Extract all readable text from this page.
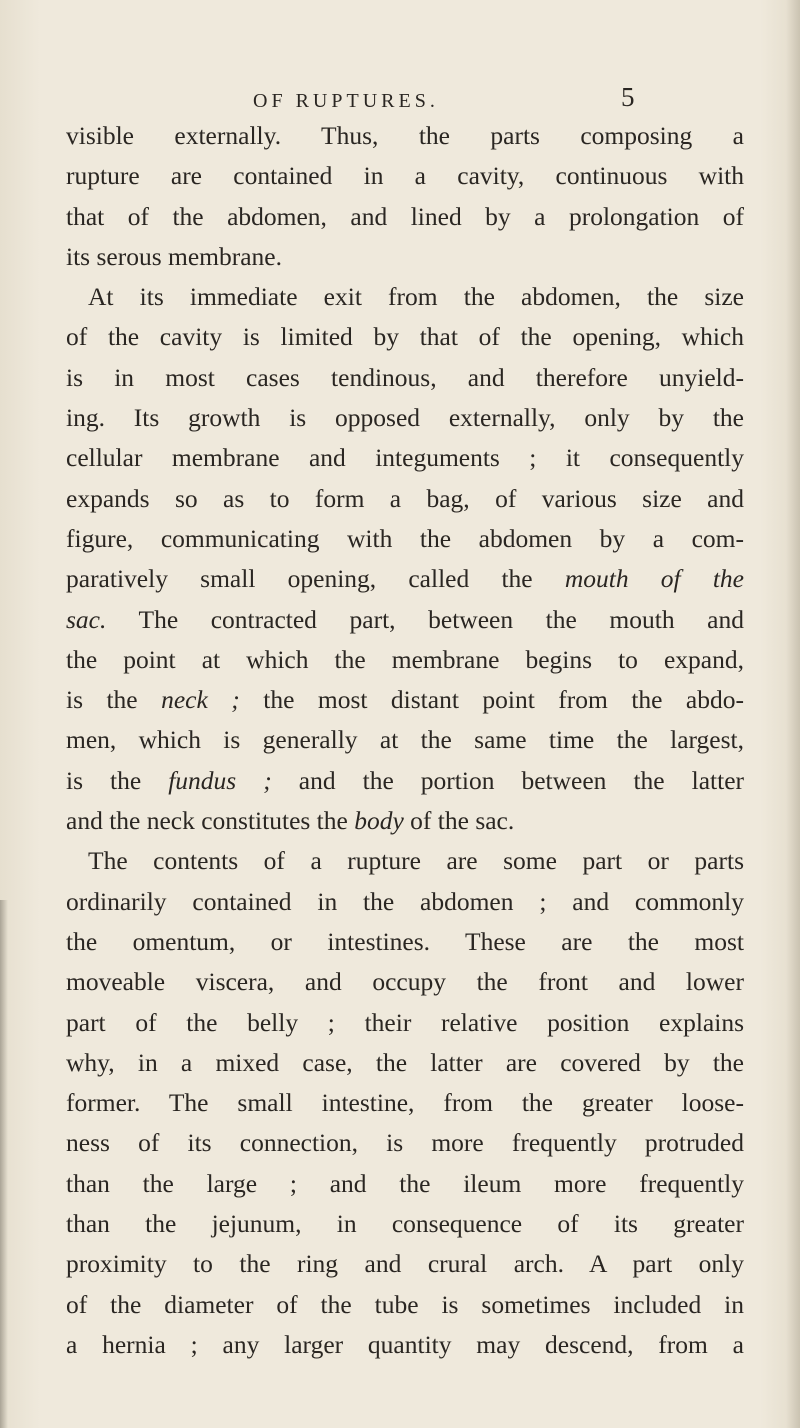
OF RUPTURES.	5
visible externally. Thus, the parts composing a
rupture are contained in a cavity, continuous with
that of the abdomen, and lined by a prolongation of
its serous membrane.
At its immediate exit from the abdomen, the size
of the cavity is limited by that of the opening, which
is in most cases tendinous, and therefore unyield-
ing. Its growth is opposed externally, only by the
cellular membrane and integuments ; it consequently
expands so as to form a bag, of various size and
figure, communicating with the abdomen by a com-
paratively small opening, called the mouth of the
sac. The contracted part, between the mouth and
the point at which the membrane begins to expand,
is the neck ; the most distant point from the abdo-
men, which is generally at the same time the largest,
is the fundus ; and the portion between the latter
and the neck constitutes the body of the sac.
The contents of a rupture are some part or parts
ordinarily contained in the abdomen ; and commonly
the omentum, or intestines. These are the most
moveable viscera, and occupy the front and lower
part of the belly ; their relative position explains
why, in a mixed case, the latter are covered by the
former. The small intestine, from the greater loose-
ness of its connection, is more frequently protruded
than the large ; and the ileum more frequently
than the jejunum, in consequence of its greater
proximity to the ring and crural arch. A part only
of the diameter of the tube is sometimes included in
a hernia ; any larger quantity may descend, from a
